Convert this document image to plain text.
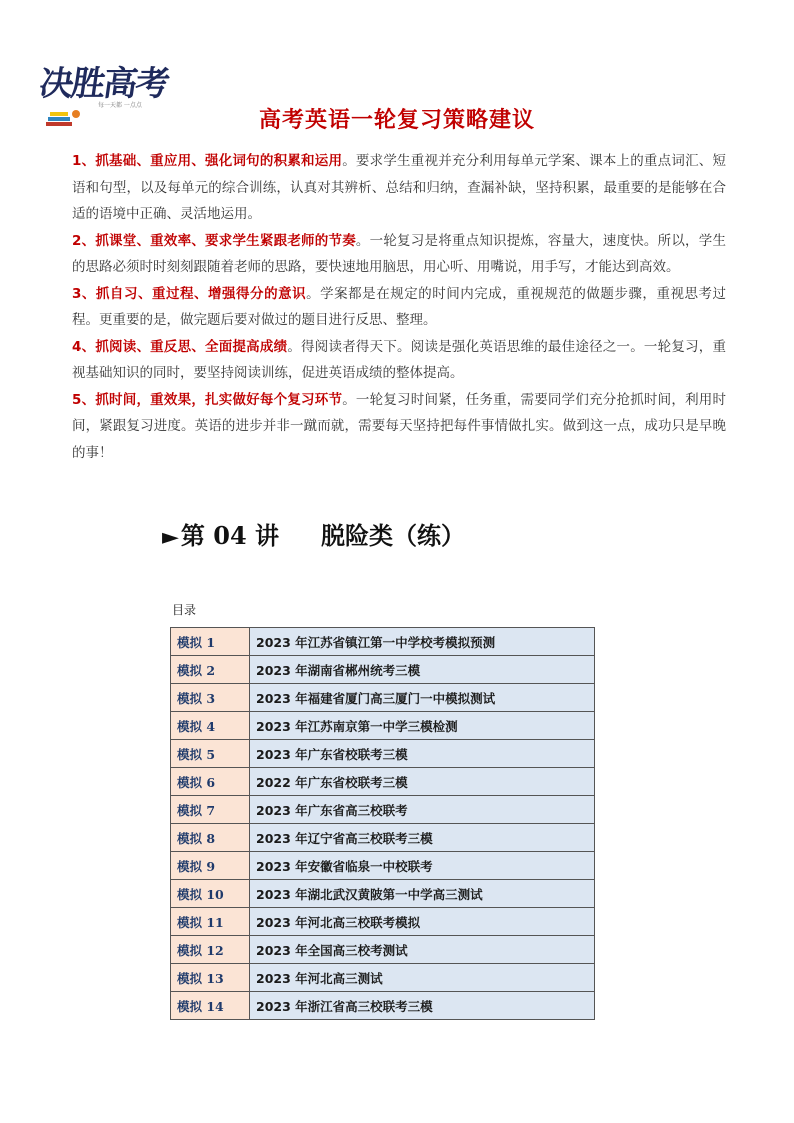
决胜高考
每一天都 一点点
高考英语一轮复习策略建议

1、抓基础、重应用、强化词句的积累和运用。要求学生重视并充分利用每单元学案、课本上的重点词汇、短语和句型，以及每单元的综合训练，认真对其辨析、总结和归纳，查漏补缺，坚持积累，最重要的是能够在合适的语境中正确、灵活地运用。

2、抓课堂、重效率、要求学生紧跟老师的节奏。一轮复习是将重点知识提炼，容量大，速度快。所以，学生的思路必须时时刻刻跟随着老师的思路，要快速地用脑思，用心听、用嘴说，用手写，才能达到高效。

3、抓自习、重过程、增强得分的意识。学案都是在规定的时间内完成，重视规范的做题步骤，重视思考过程。更重要的是，做完题后要对做过的题目进行反思、整理。

4、抓阅读、重反思、全面提高成绩。得阅读者得天下。阅读是强化英语思维的最佳途径之一。一轮复习，重视基础知识的同时，要坚持阅读训练，促进英语成绩的整体提高。

5、抓时间，重效果，扎实做好每个复习环节。一轮复习时间紧，任务重，需要同学们充分抢抓时间，利用时间，紧跟复习进度。英语的进步并非一蹴而就，需要每天坚持把每件事情做扎实。做到这一点，成功只是早晚的事！

►第 04 讲 脱险类（练）
目录
模拟 1	2023 年江苏省镇江第一中学校考模拟预测
模拟 2	2023 年湖南省郴州统考三模
模拟 3	2023 年福建省厦门高三厦门一中模拟测试
模拟 4	2023 年江苏南京第一中学三模检测
模拟 5	2023 年广东省校联考三模
模拟 6	2022 年广东省校联考三模
模拟 7	2023 年广东省高三校联考
模拟 8	2023 年辽宁省高三校联考三模
模拟 9	2023 年安徽省临泉一中校联考
模拟 10	2023 年湖北武汉黄陂第一中学高三测试
模拟 11	2023 年河北高三校联考模拟
模拟 12	2023 年全国高三校考测试
模拟 13	2023 年河北高三测试
模拟 14	2023 年浙江省高三校联考三模
